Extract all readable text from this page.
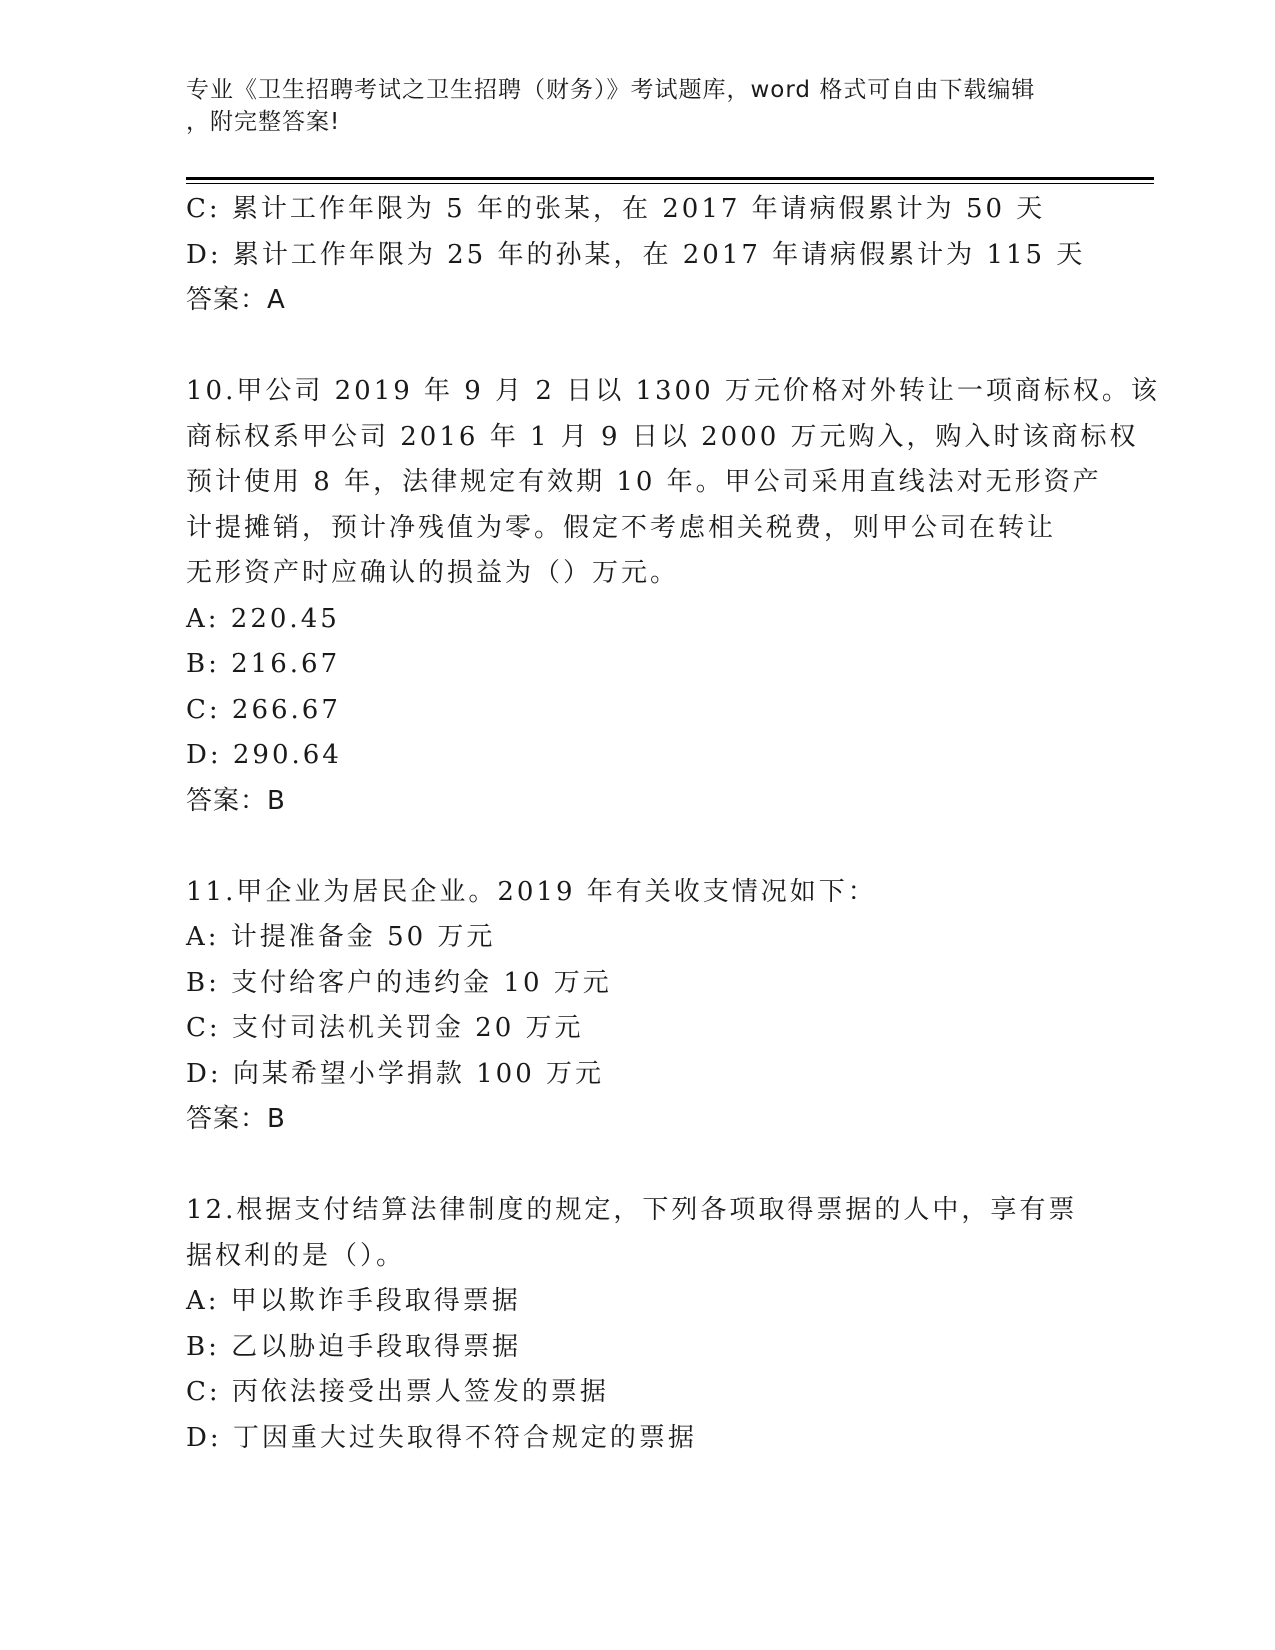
专业《卫生招聘考试之卫生招聘（财务）》考试题库，word 格式可自由下载编辑
，附完整答案!

C: 累计工作年限为 5 年的张某，在 2017 年请病假累计为 50 天

D: 累计工作年限为 25 年的孙某，在 2017 年请病假累计为 115 天

答案：A

10.甲公司 2019 年 9 月 2 日以 1300 万元价格对外转让一项商标权。该

商标权系甲公司 2016 年 1 月 9 日以 2000 万元购入，购入时该商标权

预计使用 8 年，法律规定有效期 10 年。甲公司采用直线法对无形资产

计提摊销，预计净残值为零。假定不考虑相关税费，则甲公司在转让

无形资产时应确认的损益为（）万元。

A: 220.45

B: 216.67

C: 266.67

D: 290.64

答案：B

11.甲企业为居民企业。2019 年有关收支情况如下：

A: 计提准备金 50 万元

B: 支付给客户的违约金 10 万元

C: 支付司法机关罚金 20 万元

D: 向某希望小学捐款 100 万元

答案：B

12.根据支付结算法律制度的规定，下列各项取得票据的人中，享有票

据权利的是（）。

A: 甲以欺诈手段取得票据

B: 乙以胁迫手段取得票据

C: 丙依法接受出票人签发的票据

D: 丁因重大过失取得不符合规定的票据
